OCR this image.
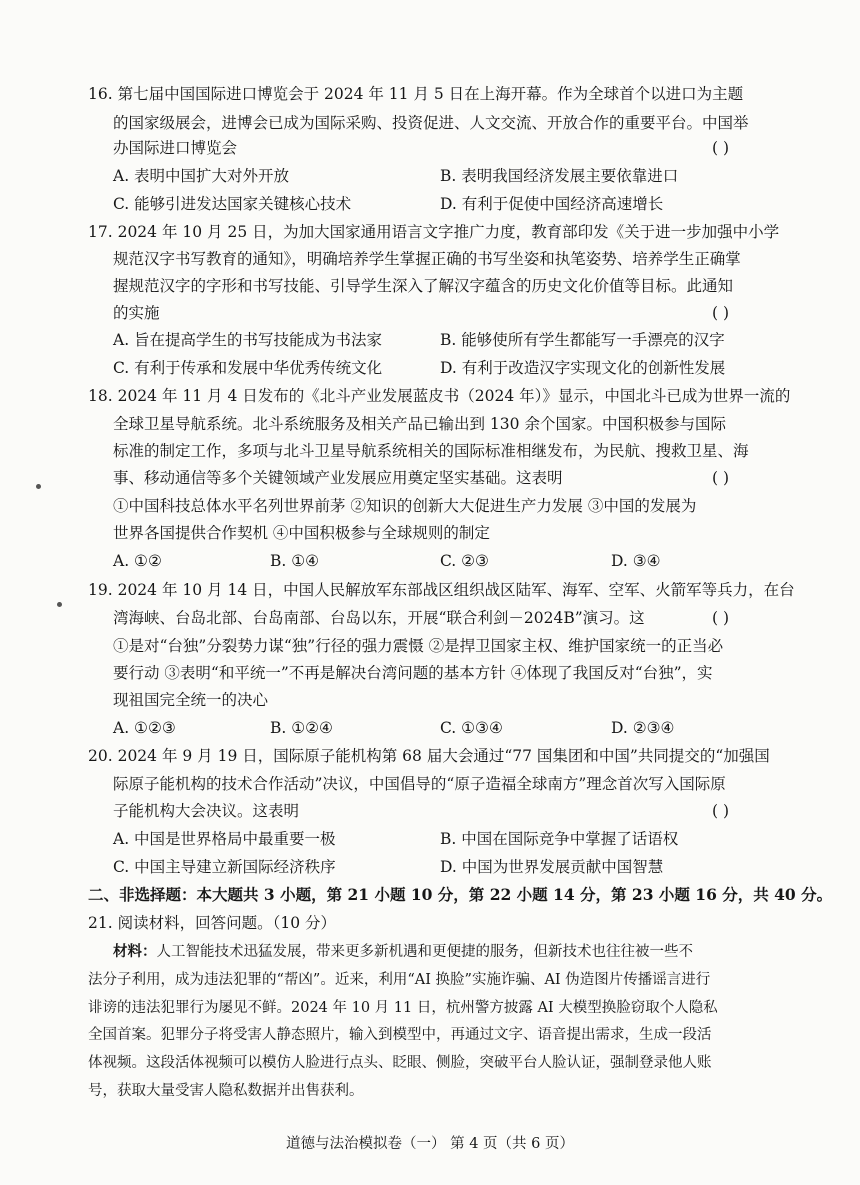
16. 第七届中国国际进口博览会于 2024 年 11 月 5 日在上海开幕。作为全球首个以进口为主题
的国家级展会，进博会已成为国际采购、投资促进、人文交流、开放合作的重要平台。中国举
办国际进口博览会	( )
A. 表明中国扩大对外开放	B. 表明我国经济发展主要依靠进口
C. 能够引进发达国家关键核心技术	D. 有利于促使中国经济高速增长
17. 2024 年 10 月 25 日，为加大国家通用语言文字推广力度，教育部印发《关于进一步加强中小学
规范汉字书写教育的通知》，明确培养学生掌握正确的书写坐姿和执笔姿势、培养学生正确掌
握规范汉字的字形和书写技能、引导学生深入了解汉字蕴含的历史文化价值等目标。此通知
的实施	( )
A. 旨在提高学生的书写技能成为书法家	B. 能够使所有学生都能写一手漂亮的汉字
C. 有利于传承和发展中华优秀传统文化	D. 有利于改造汉字实现文化的创新性发展
18. 2024 年 11 月 4 日发布的《北斗产业发展蓝皮书（2024 年）》显示，中国北斗已成为世界一流的
全球卫星导航系统。北斗系统服务及相关产品已输出到 130 余个国家。中国积极参与国际
标准的制定工作，多项与北斗卫星导航系统相关的国际标准相继发布，为民航、搜救卫星、海
事、移动通信等多个关键领域产业发展应用奠定坚实基础。这表明	( )
①中国科技总体水平名列世界前茅 ②知识的创新大大促进生产力发展 ③中国的发展为
世界各国提供合作契机 ④中国积极参与全球规则的制定
A. ①②	B. ①④	C. ②③	D. ③④
19. 2024 年 10 月 14 日，中国人民解放军东部战区组织战区陆军、海军、空军、火箭军等兵力，在台
湾海峡、台岛北部、台岛南部、台岛以东，开展“联合利剑－2024B”演习。这	( )
①是对“台独”分裂势力谋“独”行径的强力震慑 ②是捍卫国家主权、维护国家统一的正当必
要行动 ③表明“和平统一”不再是解决台湾问题的基本方针 ④体现了我国反对“台独”，实
现祖国完全统一的决心
A. ①②③	B. ①②④	C. ①③④	D. ②③④
20. 2024 年 9 月 19 日，国际原子能机构第 68 届大会通过“77 国集团和中国”共同提交的“加强国
际原子能机构的技术合作活动”决议，中国倡导的“原子造福全球南方”理念首次写入国际原
子能机构大会决议。这表明	( )
A. 中国是世界格局中最重要一极	B. 中国在国际竞争中掌握了话语权
C. 中国主导建立新国际经济秩序	D. 中国为世界发展贡献中国智慧
二、非选择题：本大题共 3 小题，第 21 小题 10 分，第 22 小题 14 分，第 23 小题 16 分，共 40 分。
21. 阅读材料，回答问题。（10 分）
材料：人工智能技术迅猛发展，带来更多新机遇和更便捷的服务，但新技术也往往被一些不
法分子利用，成为违法犯罪的“帮凶”。近来，利用“AI 换脸”实施诈骗、AI 伪造图片传播谣言进行
诽谤的违法犯罪行为屡见不鲜。2024 年 10 月 11 日，杭州警方披露 AI 大模型换脸窃取个人隐私
全国首案。犯罪分子将受害人静态照片，输入到模型中，再通过文字、语音提出需求，生成一段活
体视频。这段活体视频可以模仿人脸进行点头、眨眼、侧脸，突破平台人脸认证，强制登录他人账
号，获取大量受害人隐私数据并出售获利。
道德与法治模拟卷（一） 第 4 页（共 6 页）
